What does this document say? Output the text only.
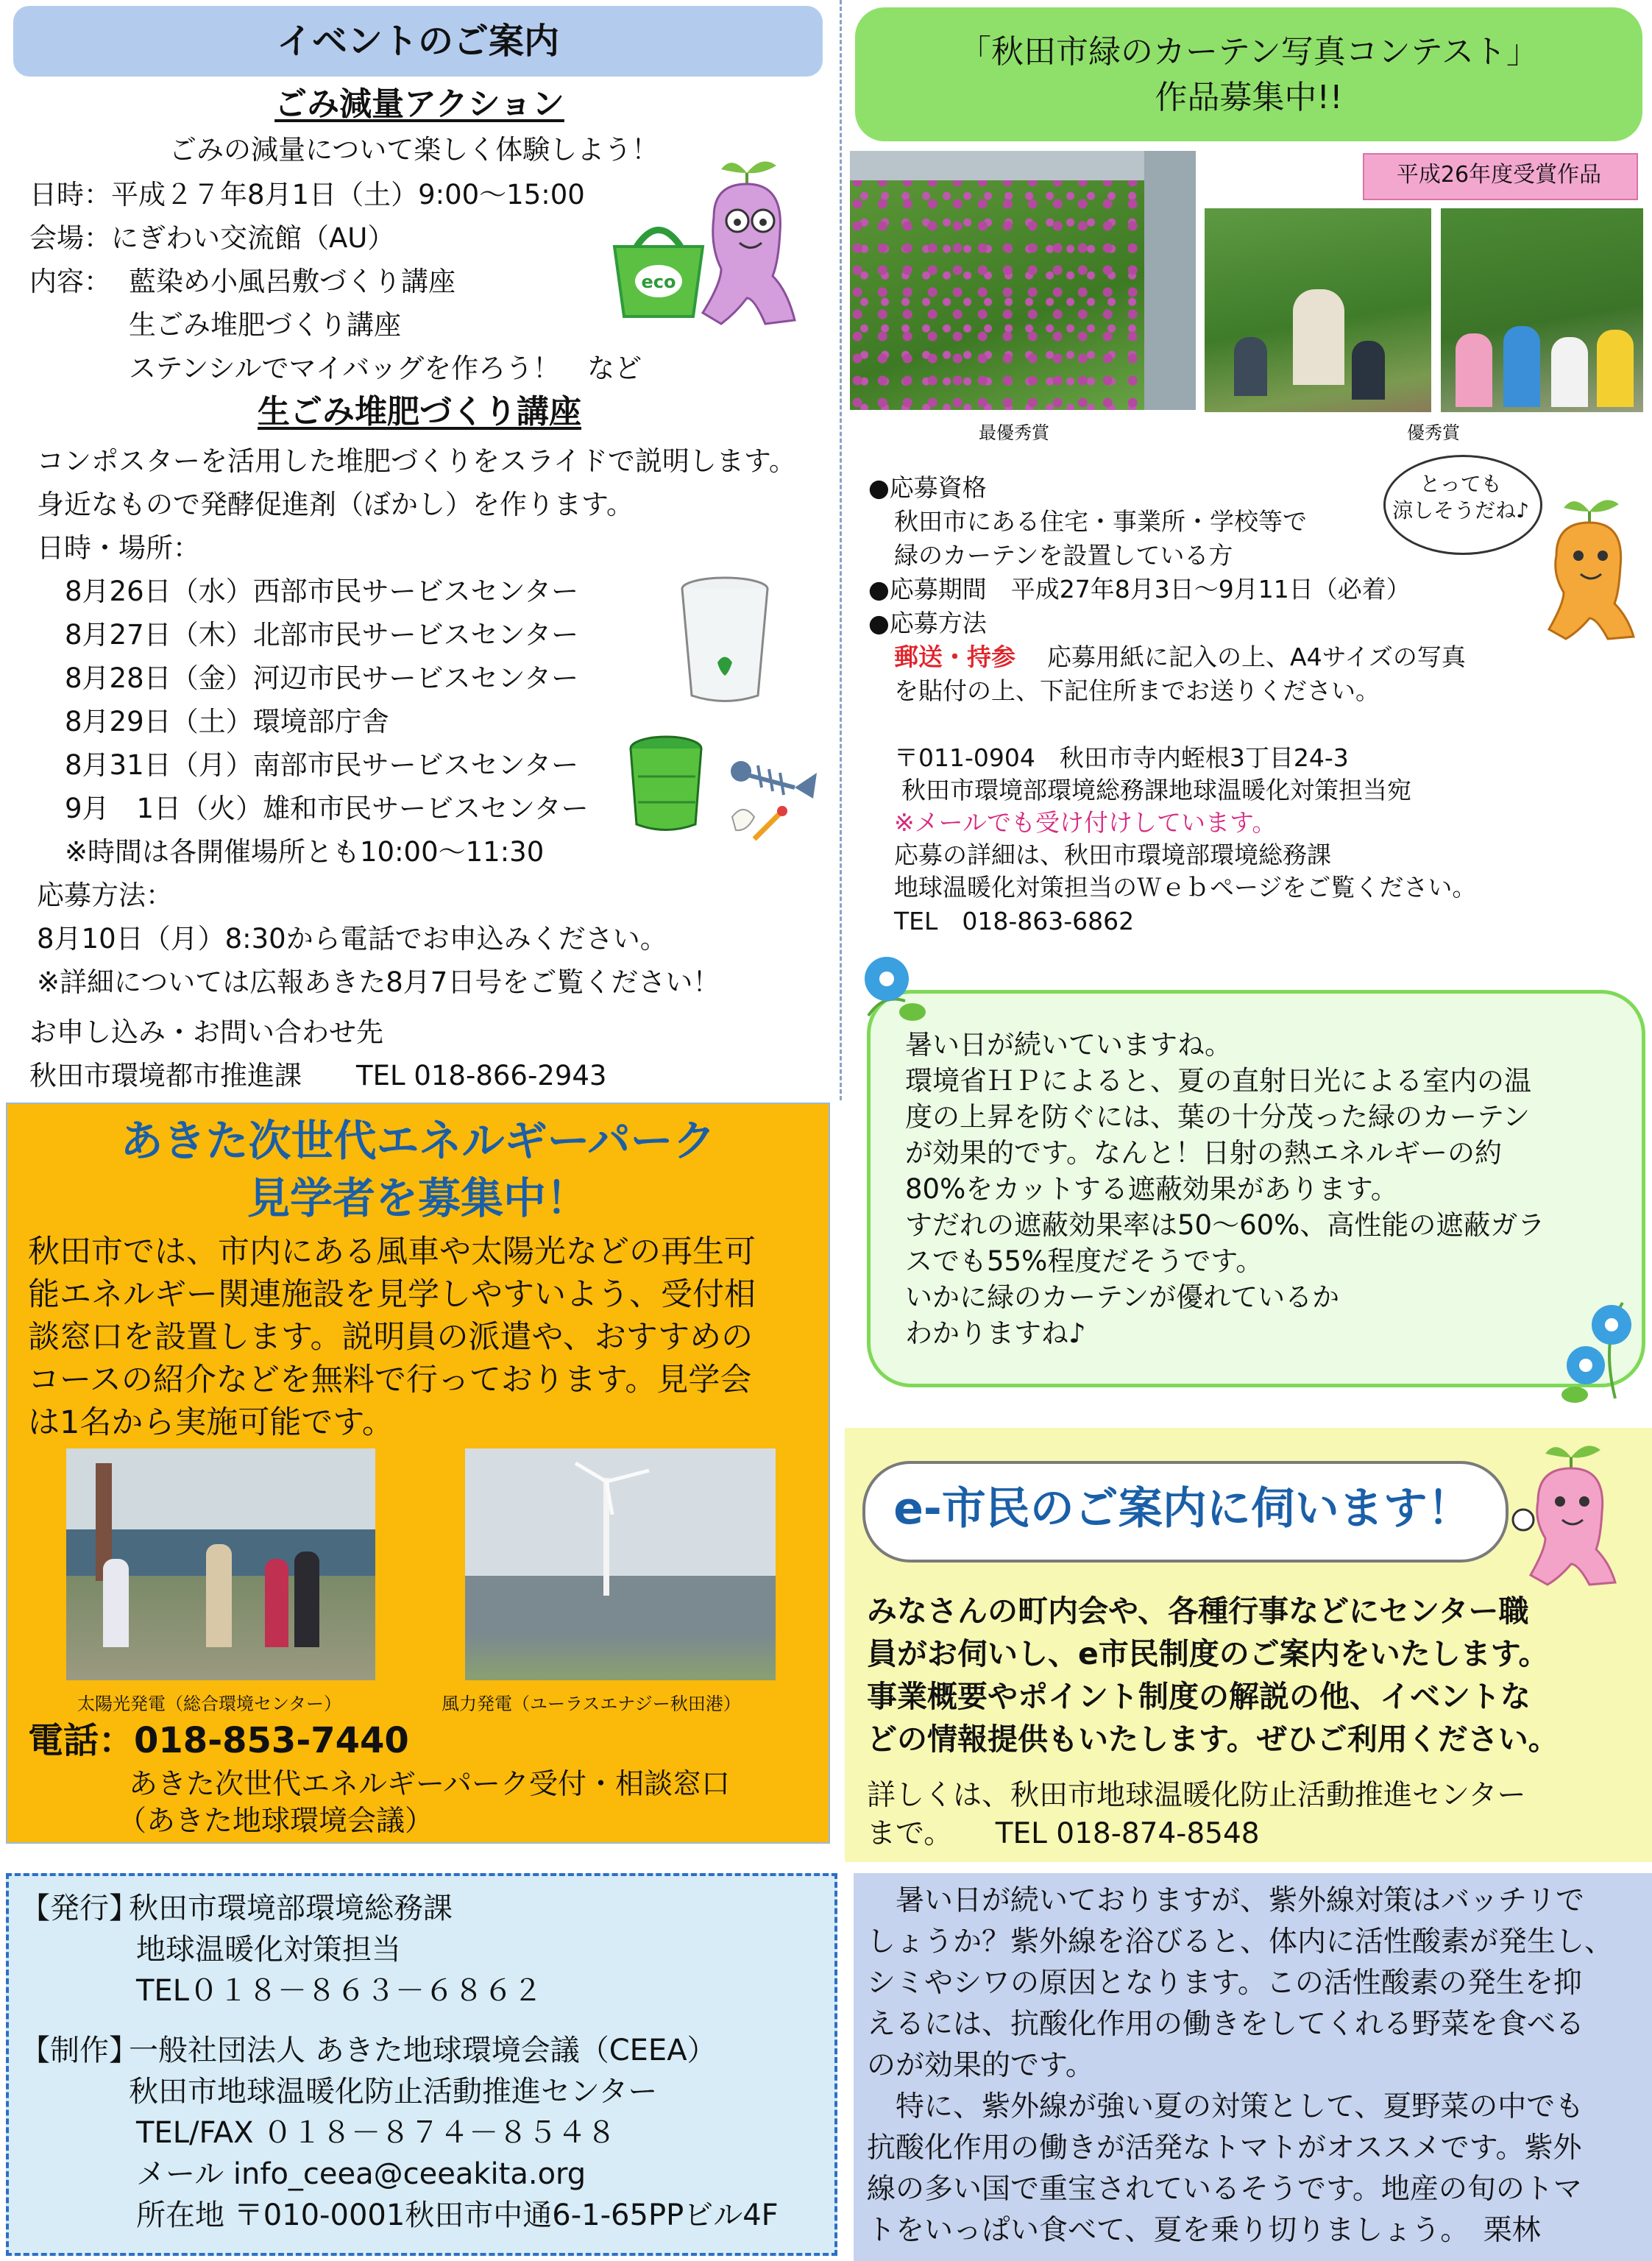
イベントのご案内
ごみ減量アクション
ごみの減量について楽しく体験しよう！
日時：平成２７年8月1日（土）9:00～15:00
会場：にぎわい交流館（AU）
内容： 藍染め小風呂敷づくり講座
生ごみ堆肥づくり講座
ステンシルでマイバッグを作ろう！　など
eco
生ごみ堆肥づくり講座
コンポスターを活用した堆肥づくりをスライドで説明します。
身近なもので発酵促進剤（ぼかし）を作ります。
日時・場所：
8月26日（水）西部市民サービスセンター
8月27日（木）北部市民サービスセンター
8月28日（金）河辺市民サービスセンター
8月29日（土）環境部庁舎
8月31日（月）南部市民サービスセンター
9月　1日（火）雄和市民サービスセンター
※時間は各開催場所とも10:00～11:30
応募方法：
8月10日（月）8:30から電話でお申込みください。
※詳細については広報あきた8月7日号をご覧ください！
お申し込み・お問い合わせ先
秋田市環境都市推進課　　TEL 018-866-2943
「秋田市緑のカーテン写真コンテスト」
作品募集中!!
平成26年度受賞作品
最優秀賞	優秀賞
とっても
涼しそうだね♪
●応募資格
秋田市にある住宅・事業所・学校等で
緑のカーテンを設置している方
●応募期間　平成27年8月3日～9月11日（必着）
●応募方法
郵送・持参 　応募用紙に記入の上、A4サイズの写真
を貼付の上、下記住所までお送りください。
〒011-0904　秋田市寺内蛭根3丁目24-3
秋田市環境部環境総務課地球温暖化対策担当宛
※メールでも受け付けしています。
応募の詳細は、秋田市環境部環境総務課
地球温暖化対策担当のＷｅｂページをご覧ください。
TEL　018-863-6862
暑い日が続いていますね。
環境省ＨＰによると、夏の直射日光による室内の温
度の上昇を防ぐには、葉の十分茂った緑のカーテン
が効果的です。なんと！日射の熱エネルギーの約
80%をカットする遮蔽効果があります。
すだれの遮蔽効果率は50～60%、高性能の遮蔽ガラ
スでも55%程度だそうです。
いかに緑のカーテンが優れているか
わかりますね♪
あきた次世代エネルギーパーク
見学者を募集中！
秋田市では、市内にある風車や太陽光などの再生可
能エネルギー関連施設を見学しやすいよう、受付相
談窓口を設置します。説明員の派遣や、おすすめの
コースの紹介などを無料で行っております。見学会
は1名から実施可能です。
太陽光発電（総合環境センター）	風力発電（ユーラスエナジー秋田港）
電話：018-853-7440
あきた次世代エネルギーパーク受付・相談窓口
（あきた地球環境会議）
e-市民のご案内に伺います！
みなさんの町内会や、各種行事などにセンター職
員がお伺いし、e市民制度のご案内をいたします。
事業概要やポイント制度の解説の他、イベントな
どの情報提供もいたします。ぜひご利用ください。
詳しくは、秋田市地球温暖化防止活動推進センター
まで。　　TEL 018-874-8548
【発行】
秋田市環境部環境総務課
地球温暖化対策担当
TEL０１８－８６３－６８６２
【制作】
一般社団法人 あきた地球環境会議（CEEA）
秋田市地球温暖化防止活動推進センター
TEL/FAX ０１８－８７４－８５４８
メール info_ceea@ceeakita.org
所在地 〒010-0001秋田市中通6-1-65PPビル4F
　暑い日が続いておりますが、紫外線対策はバッチリで
しょうか？紫外線を浴びると、体内に活性酸素が発生し、
シミやシワの原因となります。この活性酸素の発生を抑
えるには、抗酸化作用の働きをしてくれる野菜を食べる
のが効果的です。
　特に、紫外線が強い夏の対策として、夏野菜の中でも
抗酸化作用の働きが活発なトマトがオススメです。紫外
線の多い国で重宝されているそうです。地産の旬のトマ
トをいっぱい食べて、夏を乗り切りましょう。　栗林
